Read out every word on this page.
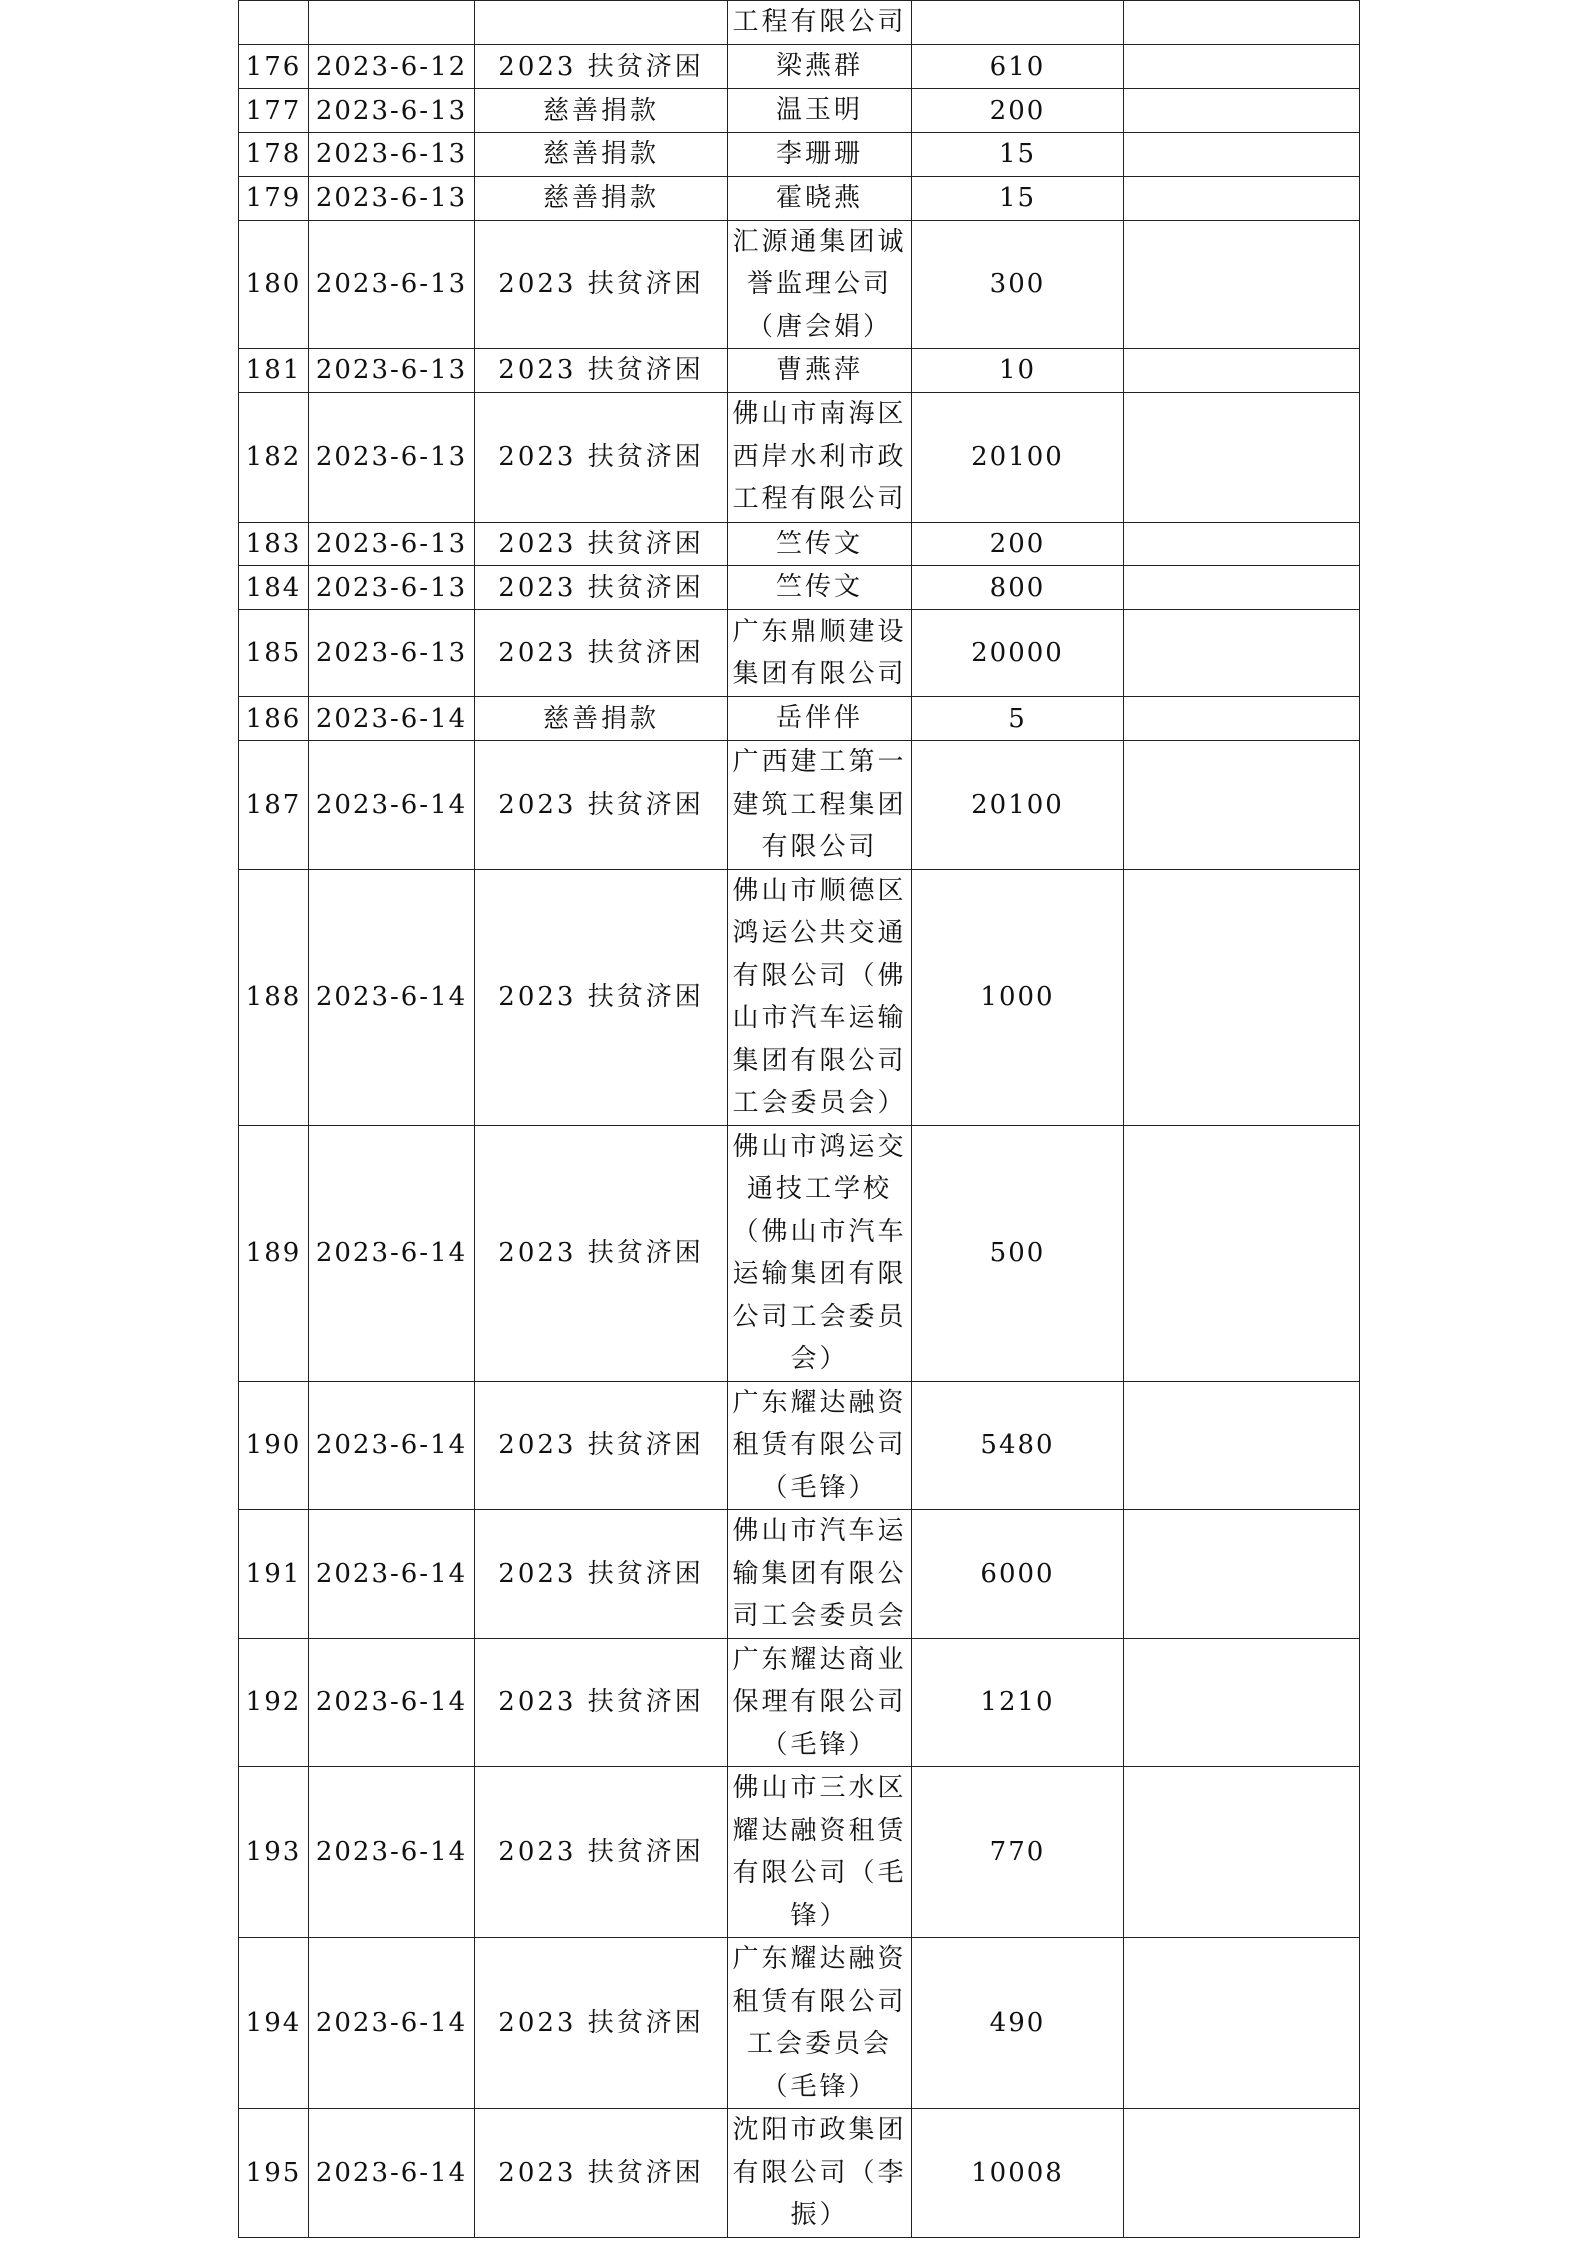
			工程有限公司		
176	2023-6-12	2023 扶贫济困	梁燕群	610	
177	2023-6-13	慈善捐款	温玉明	200	
178	2023-6-13	慈善捐款	李珊珊	15	
179	2023-6-13	慈善捐款	霍晓燕	15	
180	2023-6-13	2023 扶贫济困	汇源通集团诚誉监理公司（唐会娟）	300	
181	2023-6-13	2023 扶贫济困	曹燕萍	10	
182	2023-6-13	2023 扶贫济困	佛山市南海区西岸水利市政工程有限公司	20100	
183	2023-6-13	2023 扶贫济困	竺传文	200	
184	2023-6-13	2023 扶贫济困	竺传文	800	
185	2023-6-13	2023 扶贫济困	广东鼎顺建设集团有限公司	20000	
186	2023-6-14	慈善捐款	岳伴伴	5	
187	2023-6-14	2023 扶贫济困	广西建工第一建筑工程集团有限公司	20100	
188	2023-6-14	2023 扶贫济困	佛山市顺德区鸿运公共交通有限公司（佛山市汽车运输集团有限公司工会委员会）	1000	
189	2023-6-14	2023 扶贫济困	佛山市鸿运交通技工学校（佛山市汽车运输集团有限公司工会委员会）	500	
190	2023-6-14	2023 扶贫济困	广东耀达融资租赁有限公司（毛锋）	5480	
191	2023-6-14	2023 扶贫济困	佛山市汽车运输集团有限公司工会委员会	6000	
192	2023-6-14	2023 扶贫济困	广东耀达商业保理有限公司（毛锋）	1210	
193	2023-6-14	2023 扶贫济困	佛山市三水区耀达融资租赁有限公司（毛锋）	770	
194	2023-6-14	2023 扶贫济困	广东耀达融资租赁有限公司工会委员会（毛锋）	490	
195	2023-6-14	2023 扶贫济困	沈阳市政集团有限公司（李振）	10008	
